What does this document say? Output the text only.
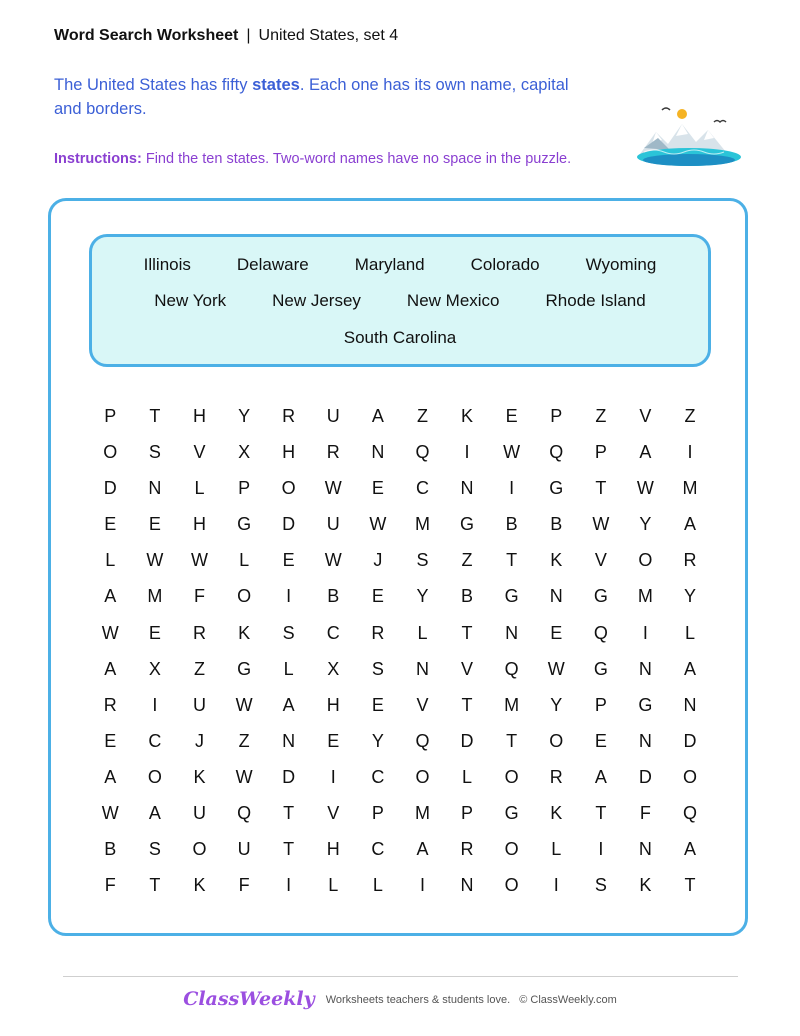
Word Search Worksheet | United States, set 4
The United States has fifty states. Each one has its own name, capital and borders.
Instructions: Find the ten states. Two-word names have no space in the puzzle.
Illinois	Delaware	Maryland	Colorado	Wyoming
New York	New Jersey	New Mexico	Rhode Island
South Carolina
P	T	H	Y	R	U	A	Z	K	E	P	Z	V	Z
O	S	V	X	H	R	N	Q	I	W	Q	P	A	I
D	N	L	P	O	W	E	C	N	I	G	T	W	M
E	E	H	G	D	U	W	M	G	B	B	W	Y	A
L	W	W	L	E	W	J	S	Z	T	K	V	O	R
A	M	F	O	I	B	E	Y	B	G	N	G	M	Y
W	E	R	K	S	C	R	L	T	N	E	Q	I	L
A	X	Z	G	L	X	S	N	V	Q	W	G	N	A
R	I	U	W	A	H	E	V	T	M	Y	P	G	N
E	C	J	Z	N	E	Y	Q	D	T	O	E	N	D
A	O	K	W	D	I	C	O	L	O	R	A	D	O
W	A	U	Q	T	V	P	M	P	G	K	T	F	Q
B	S	O	U	T	H	C	A	R	O	L	I	N	A
F	T	K	F	I	L	L	I	N	O	I	S	K	T
ClassWeekly Worksheets teachers & students love. © ClassWeekly.com
